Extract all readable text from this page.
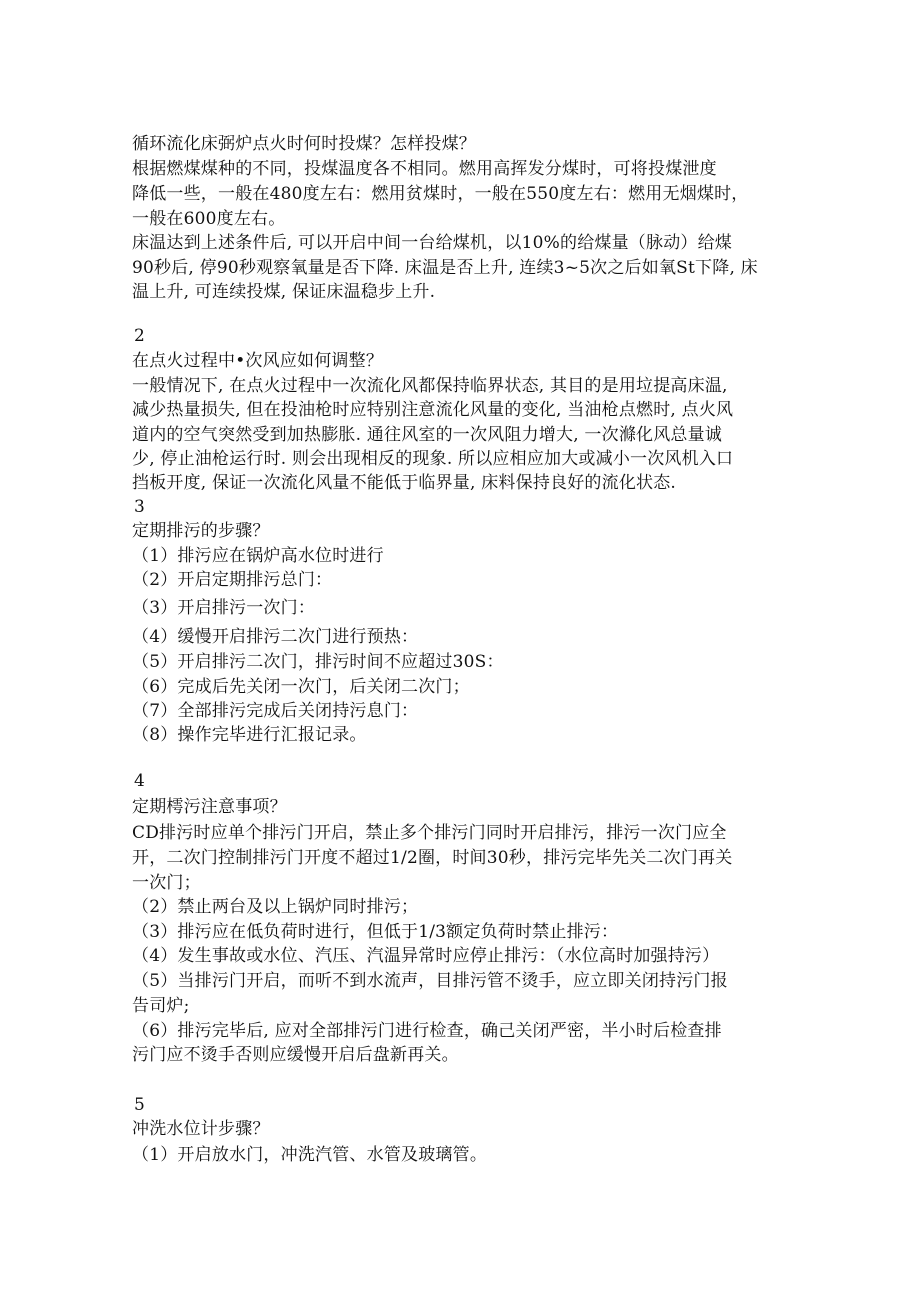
循环流化床弼炉点火时何时投煤？怎样投煤？
根据燃煤煤种的不同，投煤温度各不相同。燃用高挥发分煤时，可将投煤泄度
降低一些，一般在480度左右：燃用贫煤时，一般在550度左右：燃用无烟煤时，
一般在600度左右。
床温达到上述条件后, 可以开启中间一台给煤机，以10%的给煤量（脉动）给煤
90秒后, 停90秒观察氧量是否下降. 床温是否上升, 连续3~5次之后如氧St下降, 床
温上升, 可连续投煤, 保证床温稳步上升.
2
在点火过程中•次风应如何调整？
一般情况下, 在点火过程中一次流化风都保持临界状态, 其目的是用垃提高床温,
减少热量损失, 但在投油枪时应特别注意流化风量的变化, 当油枪点燃时, 点火风
道内的空气突然受到加热膨胀. 通往风室的一次风阻力增大, 一次滌化风总量诚
少, 停止油枪运行时. 则会出现相反的现象. 所以应相应加大或减小一次风机入口
挡板开度, 保证一次流化风量不能低于临界量, 床料保持良好的流化状态.
3
定期排污的步骤？
（1）排污应在锅炉高水位时进行
（2）开启定期排污总门：
（3）开启排污一次门：
（4）缓慢开启排污二次门进行预热：
（5）开启排污二次门，排污时间不应超过30S：
（6）完成后先关闭一次门，后关闭二次门；
（7）全部排污完成后关闭持污息门：
（8）操作完毕进行汇报记录。
4
定期樗污注意事项？
CD排污时应单个排污门开启，禁止多个排污门同时开启排污，排污一次门应全
开，二次门控制排污门开度不超过1/2圈，时间30秒，排污完毕先关二次门再关
一次门；
（2）禁止两台及以上锅炉同时排污；
（3）排污应在低负荷时进行，但低于1/3额定负荷时禁止排污：
（4）发生事故或水位、汽压、汽温异常时应停止排污：（水位高时加强持污）
（5）当排污门开启，而听不到水流声，目排污管不烫手，应立即关闭持污门报
告司炉;
（6）排污完毕后, 应对全部排污门进行检查，确己关闭严密，半小时后检查排
污门应不烫手否则应缓慢开启后盘新再关。
5
冲洗水位计步骤？
（1）开启放水门，冲洗汽管、水管及玻璃管。
